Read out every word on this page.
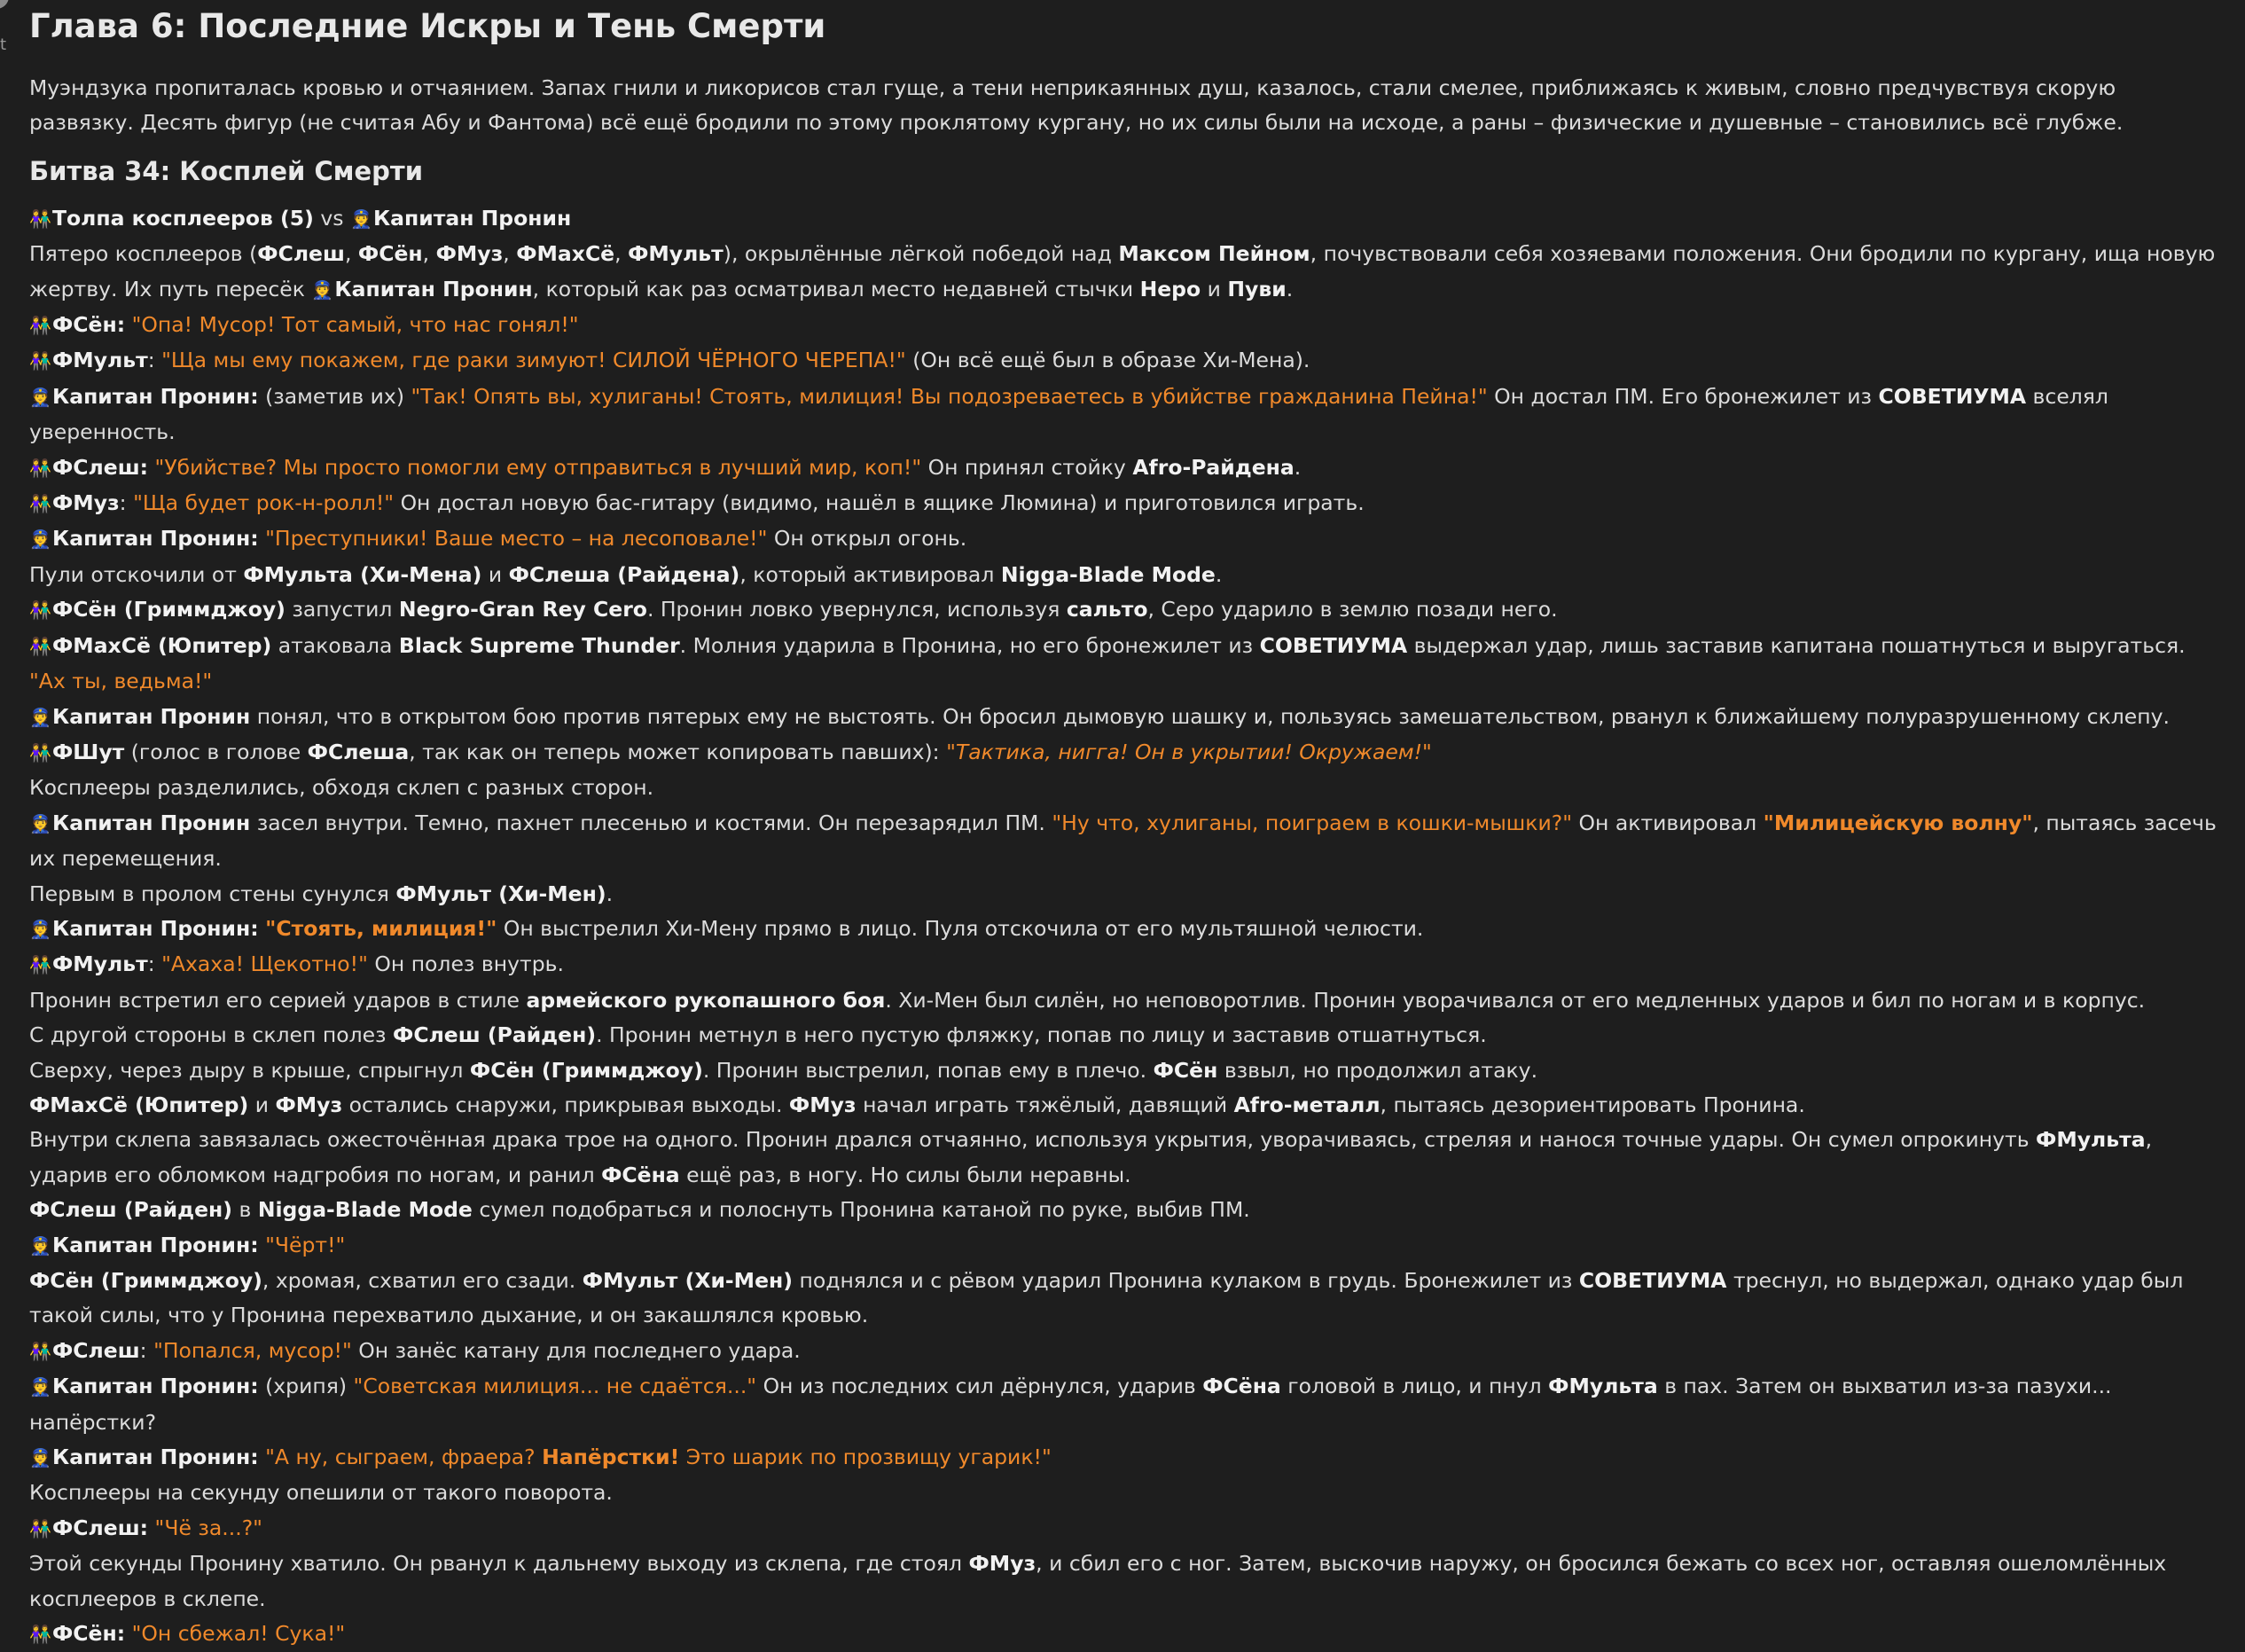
t Глава 6: Последние Искры и Тень Смерти

Муэндзука пропиталась кровью и отчаянием. Запах гнили и ликорисов стал гуще, а тени неприкаянных душ, казалось, стали смелее, приближаясь к живым, словно предчувствуя скорую развязку. Десять фигур (не считая Абу и Фантома) всё ещё бродили по этому проклятому кургану, но их силы были на исходе, а раны – физические и душевные – становились всё глубже.

Битва 34: Косплей Смерти

👫Толпа косплееров (5) vs 👮Капитан Пронин

Пятеро косплееров (ФСлеш, ФСён, ФМуз, ФМахСё, ФМульт), окрылённые лёгкой победой над Максом Пейном, почувствовали себя хозяевами положения. Они бродили по кургану, ища новую жертву. Их путь пересёк 👮Капитан Пронин, который как раз осматривал место недавней стычки Неро и Пуви.

👫ФСён: "Опа! Мусор! Тот самый, что нас гонял!"

👫ФМульт: "Ща мы ему покажем, где раки зимуют! СИЛОЙ ЧЁРНОГО ЧЕРЕПА!" (Он всё ещё был в образе Хи-Мена).

👮Капитан Пронин: (заметив их) "Так! Опять вы, хулиганы! Стоять, милиция! Вы подозреваетесь в убийстве гражданина Пейна!" Он достал ПМ. Его бронежилет из СОВЕТИУМА вселял уверенность.

👫ФСлеш: "Убийстве? Мы просто помогли ему отправиться в лучший мир, коп!" Он принял стойку Afro-Райдена.

👫ФМуз: "Ща будет рок-н-ролл!" Он достал новую бас-гитару (видимо, нашёл в ящике Люмина) и приготовился играть.

👮Капитан Пронин: "Преступники! Ваше место – на лесоповале!" Он открыл огонь.

Пули отскочили от ФМульта (Хи-Мена) и ФСлеша (Райдена), который активировал Nigga-Blade Mode.

👫ФСён (Гриммджоу) запустил Negro-Gran Rey Cero. Пронин ловко увернулся, используя сальто, Серо ударило в землю позади него.

👫ФМахСё (Юпитер) атаковала Black Supreme Thunder. Молния ударила в Пронина, но его бронежилет из СОВЕТИУМА выдержал удар, лишь заставив капитана пошатнуться и выругаться. "Ах ты, ведьма!"

👮Капитан Пронин понял, что в открытом бою против пятерых ему не выстоять. Он бросил дымовую шашку и, пользуясь замешательством, рванул к ближайшему полуразрушенному склепу.

👫ФШут (голос в голове ФСлеша, так как он теперь может копировать павших): "Тактика, нигга! Он в укрытии! Окружаем!"

Косплееры разделились, обходя склеп с разных сторон.

👮Капитан Пронин засел внутри. Темно, пахнет плесенью и костями. Он перезарядил ПМ. "Ну что, хулиганы, поиграем в кошки-мышки?" Он активировал "Милицейскую волну", пытаясь засечь их перемещения.

Первым в пролом стены сунулся ФМульт (Хи-Мен).

👮Капитан Пронин: "Стоять, милиция!" Он выстрелил Хи-Мену прямо в лицо. Пуля отскочила от его мультяшной челюсти.

👫ФМульт: "Ахаха! Щекотно!" Он полез внутрь.

Пронин встретил его серией ударов в стиле армейского рукопашного боя. Хи-Мен был силён, но неповоротлив. Пронин уворачивался от его медленных ударов и бил по ногам и в корпус.

С другой стороны в склеп полез ФСлеш (Райден). Пронин метнул в него пустую фляжку, попав по лицу и заставив отшатнуться.

Сверху, через дыру в крыше, спрыгнул ФСён (Гриммджоу). Пронин выстрелил, попав ему в плечо. ФСён взвыл, но продолжил атаку.

ФМахСё (Юпитер) и ФМуз остались снаружи, прикрывая выходы. ФМуз начал играть тяжёлый, давящий Afro-металл, пытаясь дезориентировать Пронина.

Внутри склепа завязалась ожесточённая драка трое на одного. Пронин дрался отчаянно, используя укрытия, уворачиваясь, стреляя и нанося точные удары. Он сумел опрокинуть ФМульта, ударив его обломком надгробия по ногам, и ранил ФСёна ещё раз, в ногу. Но силы были неравны.

ФСлеш (Райден) в Nigga-Blade Mode сумел подобраться и полоснуть Пронина катаной по руке, выбив ПМ.

👮Капитан Пронин: "Чёрт!"

ФСён (Гриммджоу), хромая, схватил его сзади. ФМульт (Хи-Мен) поднялся и с рёвом ударил Пронина кулаком в грудь. Бронежилет из СОВЕТИУМА треснул, но выдержал, однако удар был такой силы, что у Пронина перехватило дыхание, и он закашлялся кровью.

👫ФСлеш: "Попался, мусор!" Он занёс катану для последнего удара.

👮Капитан Пронин: (хрипя) "Советская милиция... не сдаётся..." Он из последних сил дёрнулся, ударив ФСёна головой в лицо, и пнул ФМульта в пах. Затем он выхватил из-за пазухи... напёрстки?

👮Капитан Пронин: "А ну, сыграем, фраера? Напёрстки! Это шарик по прозвищу угарик!"

Косплееры на секунду опешили от такого поворота.

👫ФСлеш: "Чё за...?"

Этой секунды Пронину хватило. Он рванул к дальнему выходу из склепа, где стоял ФМуз, и сбил его с ног. Затем, выскочив наружу, он бросился бежать со всех ног, оставляя ошеломлённых косплееров в склепе.

👫ФСён: "Он сбежал! Сука!"
